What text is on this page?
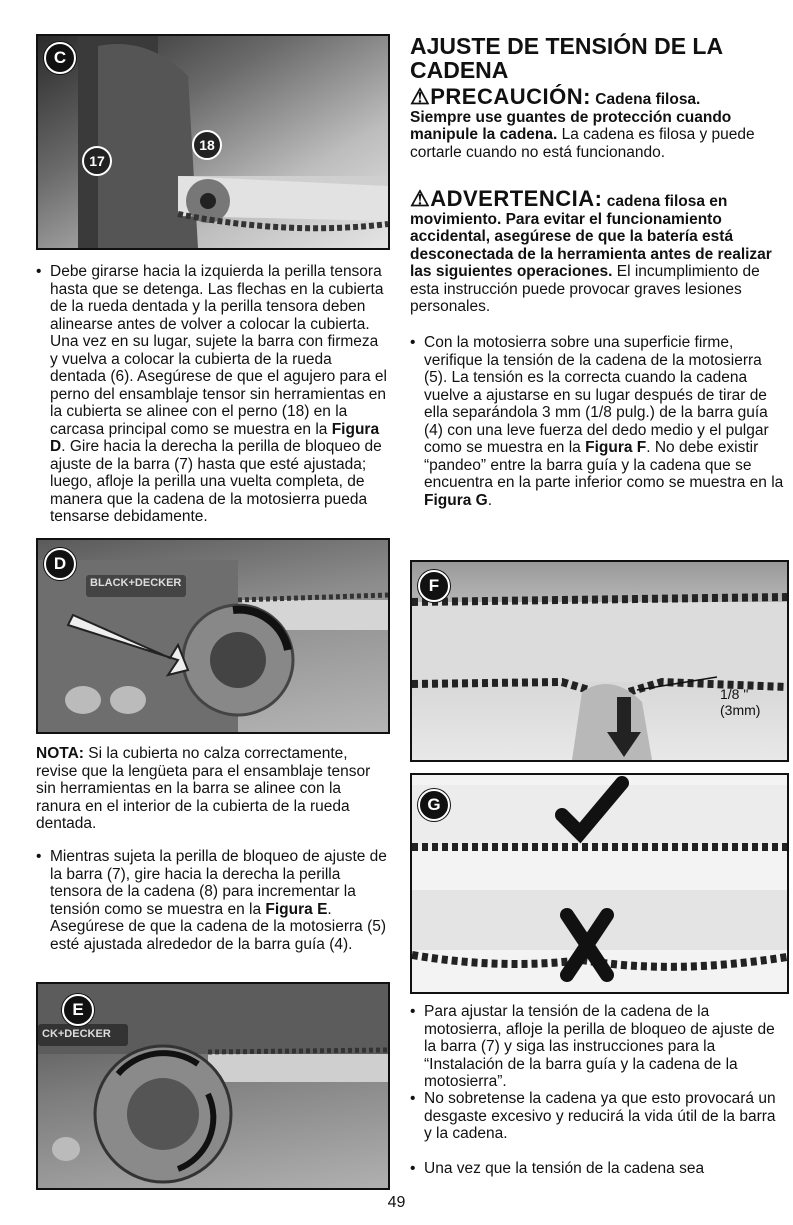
C
17
18
• Debe girarse hacia la izquierda la perilla tensora hasta que se detenga. Las flechas en la cubierta de la rueda dentada y la perilla tensora deben alinearse antes de volver a colocar la cubierta. Una vez en su lugar, sujete la barra con firmeza y vuelva a colocar la cubierta de la rueda dentada (6). Asegúrese de que el agujero para el perno del ensamblaje tensor sin herramientas en la cubierta se alinee con el perno (18) en la carcasa principal como se muestra en la Figura D. Gire hacia la derecha la perilla de bloqueo de ajuste de la barra (7) hasta que esté ajustada; luego, afloje la perilla una vuelta completa, de manera que la cadena de la motosierra pueda tensarse debidamente.
D
BLACK+DECKER
NOTA: Si la cubierta no calza correctamente, revise que la lengüeta para el ensamblaje tensor sin herramientas en la barra se alinee con la ranura en el interior de la cubierta de la rueda dentada.
• Mientras sujeta la perilla de bloqueo de ajuste de la barra (7), gire hacia la derecha la perilla tensora de la cadena (8) para incrementar la tensión como se muestra en la Figura E. Asegúrese de que la cadena de la motosierra (5) esté ajustada alrededor de la barra guía (4).
E
CK+DECKER
AJUSTE DE TENSIÓN DE LA CADENA
⚠PRECAUCIÓN: Cadena filosa.
Siempre use guantes de protección cuando manipule la cadena. La cadena es filosa y puede cortarle cuando no está funcionando.
⚠ADVERTENCIA: cadena filosa en movimiento. Para evitar el funcionamiento accidental, asegúrese de que la batería está desconectada de la herramienta antes de realizar las siguientes operaciones. El incumplimiento de esta instrucción puede provocar graves lesiones personales.
• Con la motosierra sobre una superficie firme, verifique la tensión de la cadena de la motosierra (5). La tensión es la correcta cuando la cadena vuelve a ajustarse en su lugar después de tirar de ella separándola 3 mm (1/8 pulg.) de la barra guía (4) con una leve fuerza del dedo medio y el pulgar como se muestra en la Figura F. No debe existir “pandeo” entre la barra guía y la cadena que se encuentra en la parte inferior como se muestra en la Figura G.
F
1/8 "(3mm)
G
• Para ajustar la tensión de la cadena de la motosierra, afloje la perilla de bloqueo de ajuste de la barra (7) y siga las instrucciones para la “Instalación de la barra guía y la cadena de la motosierra”.
• No sobretense la cadena ya que esto provocará un desgaste excesivo y reducirá la vida útil de la barra y la cadena.
• Una vez que la tensión de la cadena sea
49
